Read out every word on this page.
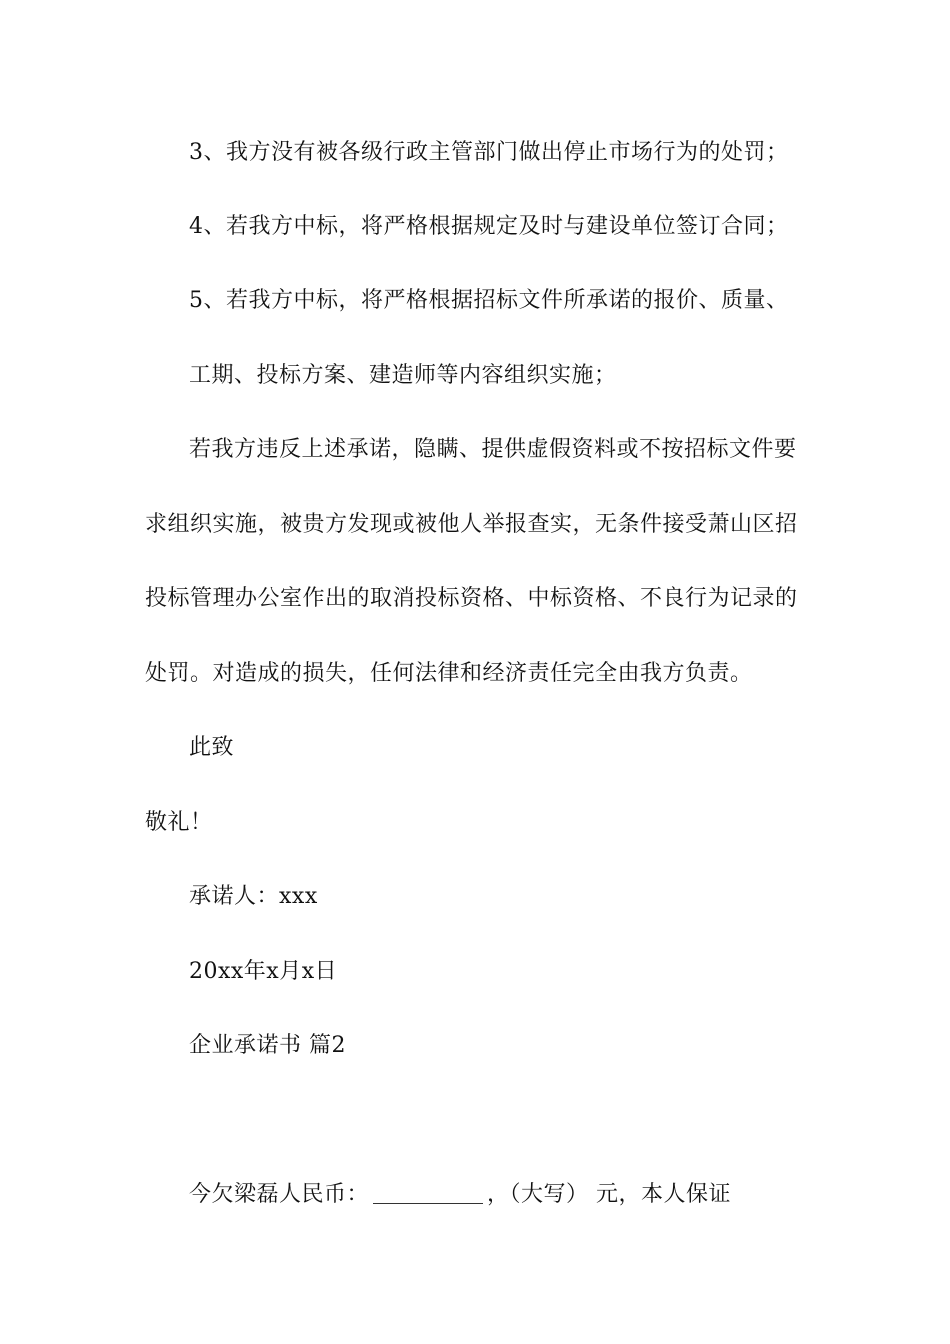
3、我方没有被各级行政主管部门做出停止市场行为的处罚；
4、若我方中标，将严格根据规定及时与建设单位签订合同；
5、若我方中标，将严格根据招标文件所承诺的报价、质量、
工期、投标方案、建造师等内容组织实施；
若我方违反上述承诺，隐瞒、提供虚假资料或不按招标文件要
求组织实施，被贵方发现或被他人举报查实，无条件接受萧山区招
投标管理办公室作出的取消投标资格、中标资格、不良行为记录的
处罚。对造成的损失，任何法律和经济责任完全由我方负责。
此致
敬礼！
承诺人：xxx
20xx年x月x日
企业承诺书 篇2
今欠梁磊人民币：	，（大写） 元，本人保证
